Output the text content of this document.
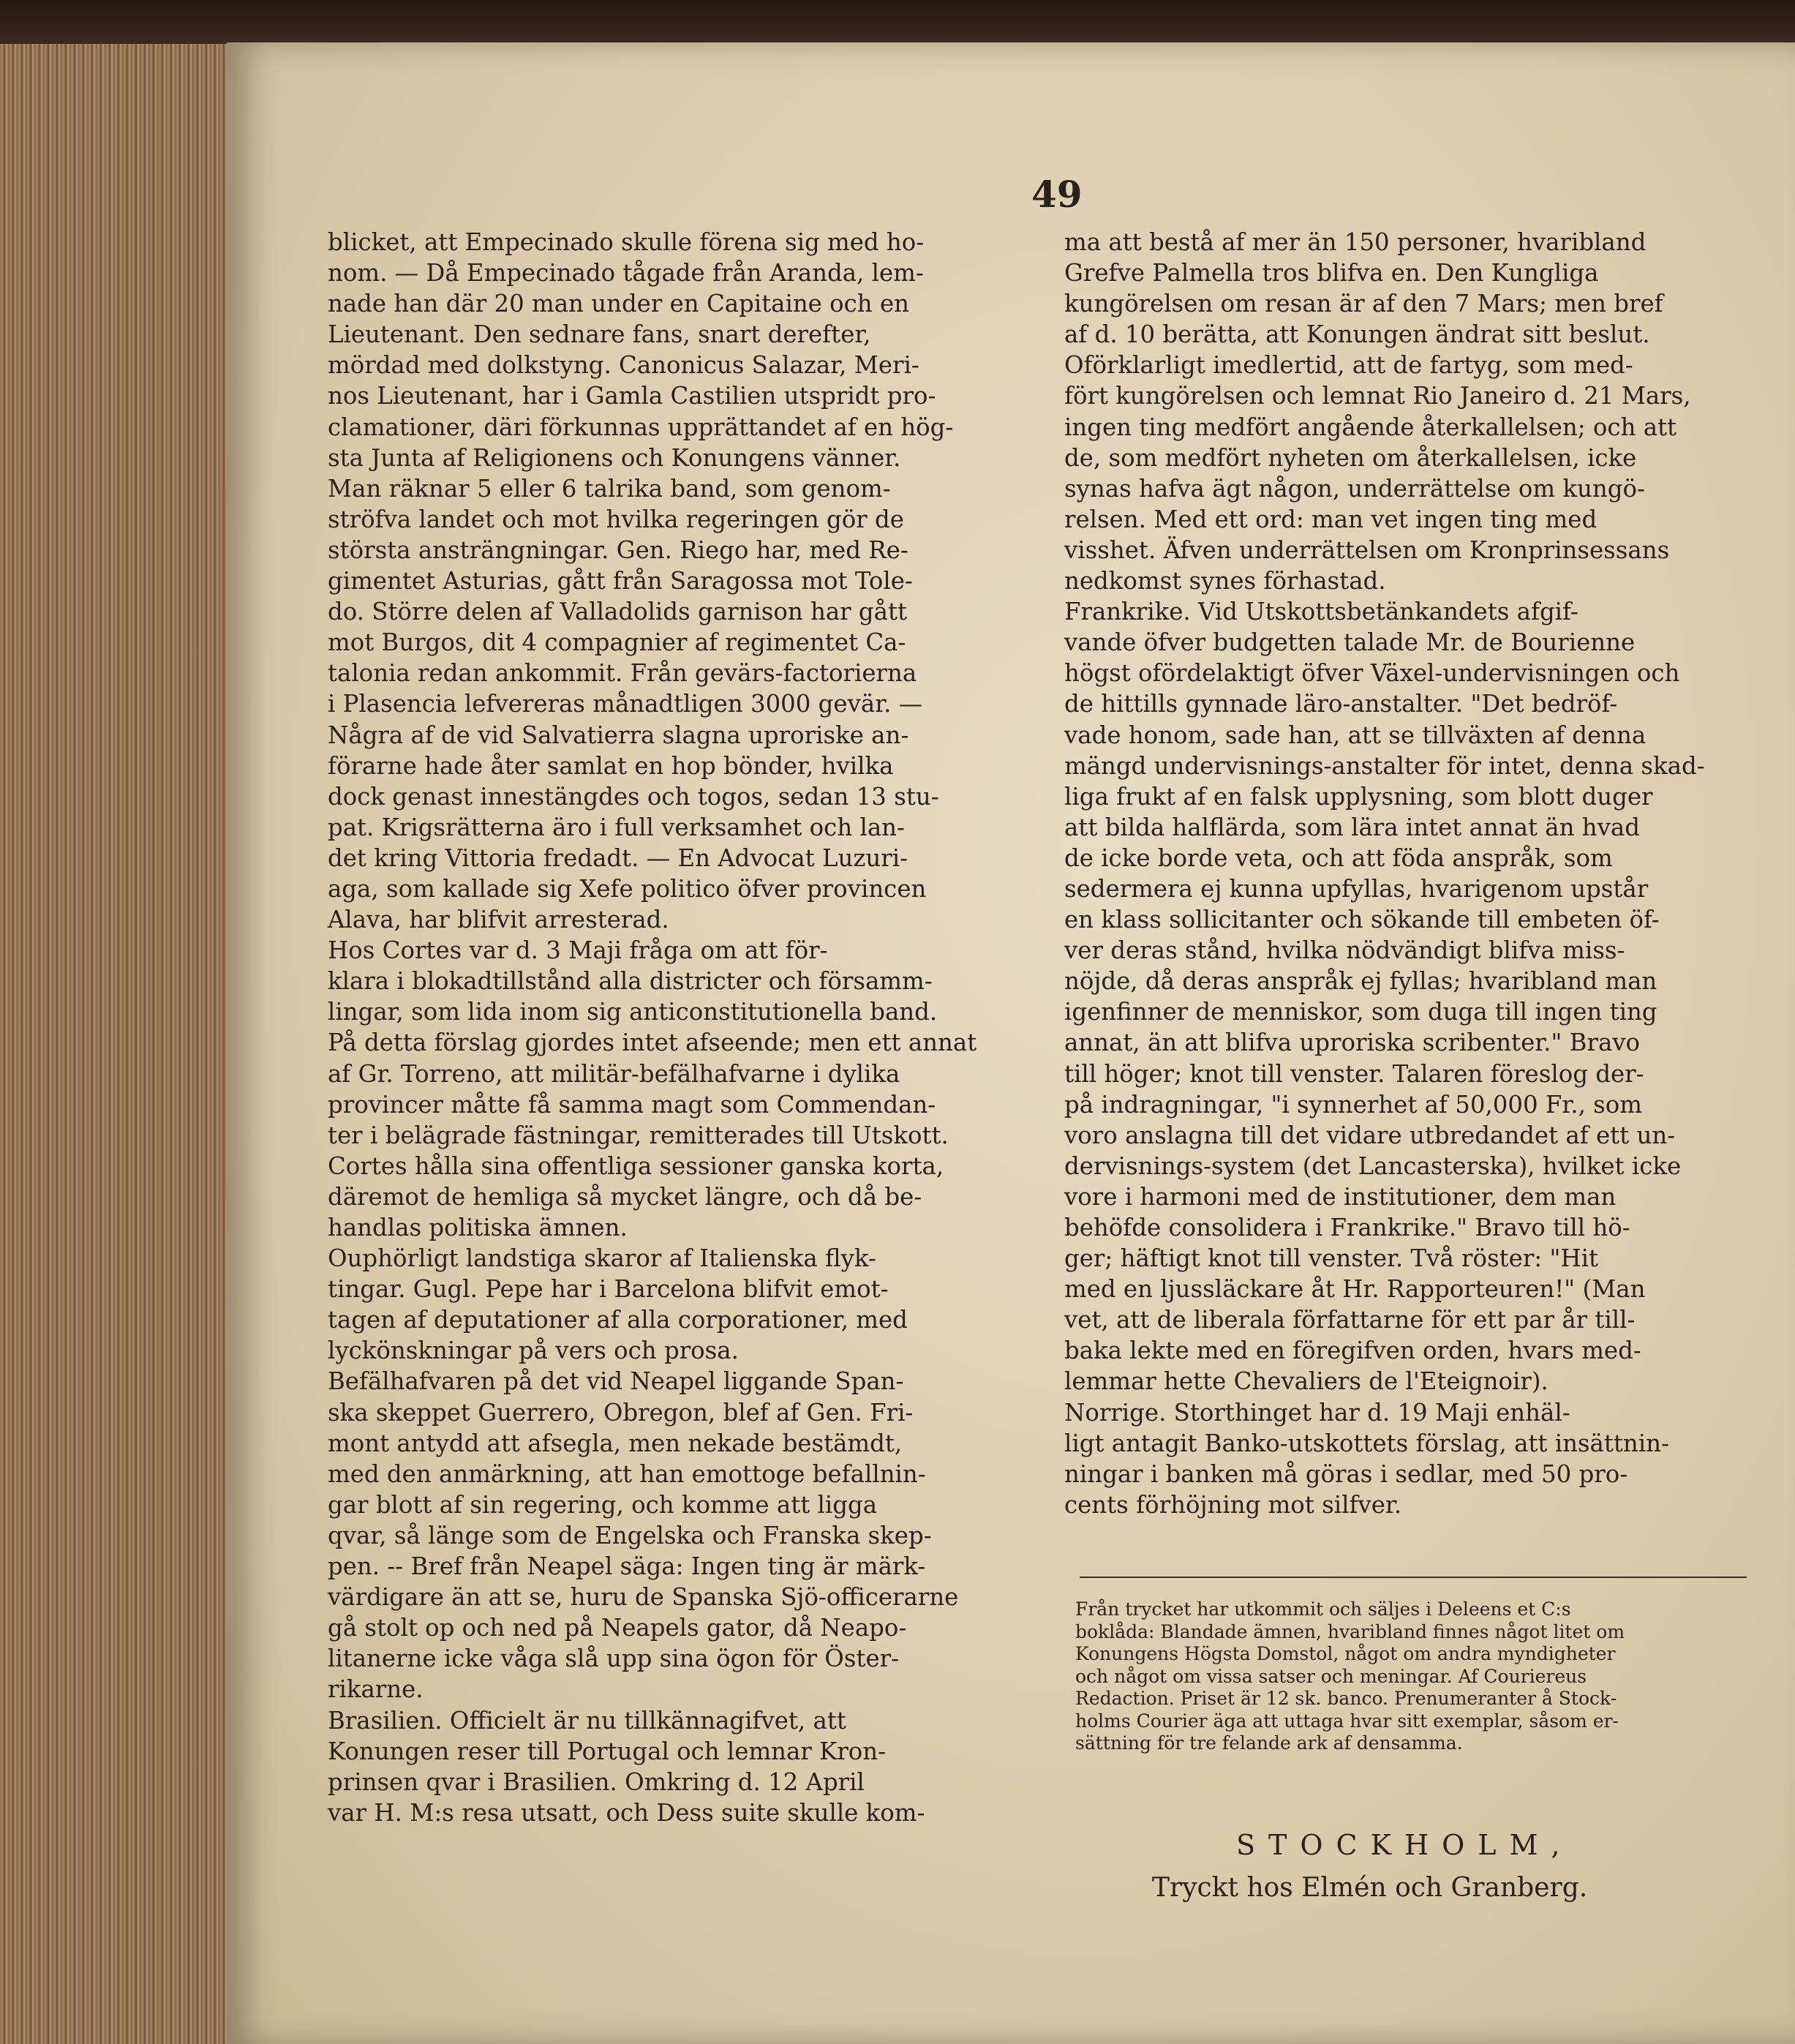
49
blicket, att Empecinado skulle förena sig med ho-
nom. — Då Empecinado tågade från Aranda, lem-
nade han där 20 man under en Capitaine och en
Lieutenant. Den sednare fans, snart derefter,
mördad med dolkstyng. Canonicus Salazar, Meri-
nos Lieutenant, har i Gamla Castilien utspridt pro-
clamationer, däri förkunnas upprättandet af en hög-
sta Junta af Religionens och Konungens vänner.
Man räknar 5 eller 6 talrika band, som genom-
ströfva landet och mot hvilka regeringen gör de
största ansträngningar. Gen. Riego har, med Re-
gimentet Asturias, gått från Saragossa mot Tole-
do. Större delen af Valladolids garnison har gått
mot Burgos, dit 4 compagnier af regimentet Ca-
talonia redan ankommit. Från gevärs-factorierna
i Plasencia lefvereras månadtligen 3000 gevär. —
Några af de vid Salvatierra slagna uproriske an-
förarne hade åter samlat en hop bönder, hvilka
dock genast innestängdes och togos, sedan 13 stu-
pat. Krigsrätterna äro i full verksamhet och lan-
det kring Vittoria fredadt. — En Advocat Luzuri-
aga, som kallade sig Xefe politico öfver provincen
Alava, har blifvit arresterad.
Hos Cortes var d. 3 Maji fråga om att för-
klara i blokadtillstånd alla districter och församm-
lingar, som lida inom sig anticonstitutionella band.
På detta förslag gjordes intet afseende; men ett annat
af Gr. Torreno, att militär-befälhafvarne i dylika
provincer måtte få samma magt som Commendan-
ter i belägrade fästningar, remitterades till Utskott.
Cortes hålla sina offentliga sessioner ganska korta,
däremot de hemliga så mycket längre, och då be-
handlas politiska ämnen.
Ouphörligt landstiga skaror af Italienska flyk-
tingar. Gugl. Pepe har i Barcelona blifvit emot-
tagen af deputationer af alla corporationer, med
lyckönskningar på vers och prosa.
Befälhafvaren på det vid Neapel liggande Span-
ska skeppet Guerrero, Obregon, blef af Gen. Fri-
mont antydd att afsegla, men nekade bestämdt,
med den anmärkning, att han emottoge befallnin-
gar blott af sin regering, och komme att ligga
qvar, så länge som de Engelska och Franska skep-
pen. -- Bref från Neapel säga: Ingen ting är märk-
värdigare än att se, huru de Spanska Sjö-officerarne
gå stolt op och ned på Neapels gator, då Neapo-
litanerne icke våga slå upp sina ögon för Öster-
rikarne.
Brasilien. Officielt är nu tillkännagifvet, att
Konungen reser till Portugal och lemnar Kron-
prinsen qvar i Brasilien. Omkring d. 12 April
var H. M:s resa utsatt, och Dess suite skulle kom-
ma att bestå af mer än 150 personer, hvaribland
Grefve Palmella tros blifva en. Den Kungliga
kungörelsen om resan är af den 7 Mars; men bref
af d. 10 berätta, att Konungen ändrat sitt beslut.
Oförklarligt imedlertid, att de fartyg, som med-
fört kungörelsen och lemnat Rio Janeiro d. 21 Mars,
ingen ting medfört angående återkallelsen; och att
de, som medfört nyheten om återkallelsen, icke
synas hafva ägt någon, underrättelse om kungö-
relsen. Med ett ord: man vet ingen ting med
visshet. Äfven underrättelsen om Kronprinsessans
nedkomst synes förhastad.
Frankrike. Vid Utskottsbetänkandets afgif-
vande öfver budgetten talade Mr. de Bourienne
högst ofördelaktigt öfver Växel-undervisningen och
de hittills gynnade läro-anstalter. "Det bedröf-
vade honom, sade han, att se tillväxten af denna
mängd undervisnings-anstalter för intet, denna skad-
liga frukt af en falsk upplysning, som blott duger
att bilda halflärda, som lära intet annat än hvad
de icke borde veta, och att föda anspråk, som
sedermera ej kunna upfyllas, hvarigenom upstår
en klass sollicitanter och sökande till embeten öf-
ver deras stånd, hvilka nödvändigt blifva miss-
nöjde, då deras anspråk ej fyllas; hvaribland man
igenfinner de menniskor, som duga till ingen ting
annat, än att blifva uproriska scribenter." Bravo
till höger; knot till venster. Talaren föreslog der-
på indragningar, "i synnerhet af 50,000 Fr., som
voro anslagna till det vidare utbredandet af ett un-
dervisnings-system (det Lancasterska), hvilket icke
vore i harmoni med de institutioner, dem man
behöfde consolidera i Frankrike." Bravo till hö-
ger; häftigt knot till venster. Två röster: "Hit
med en ljussläckare åt Hr. Rapporteuren!" (Man
vet, att de liberala författarne för ett par år till-
baka lekte med en föregifven orden, hvars med-
lemmar hette Chevaliers de l'Eteignoir).
Norrige. Storthinget har d. 19 Maji enhäl-
ligt antagit Banko-utskottets förslag, att insättnin-
ningar i banken må göras i sedlar, med 50 pro-
cents förhöjning mot silfver.
Från trycket har utkommit och säljes i Deleens et C:s
boklåda: Blandade ämnen, hvaribland finnes något litet om
Konungens Högsta Domstol, något om andra myndigheter
och något om vissa satser och meningar. Af Couriereus
Redaction. Priset är 12 sk. banco. Prenumeranter å Stock-
holms Courier äga att uttaga hvar sitt exemplar, såsom er-
sättning för tre felande ark af densamma.
STOCKHOLM,
Tryckt hos Elmén och Granberg.
